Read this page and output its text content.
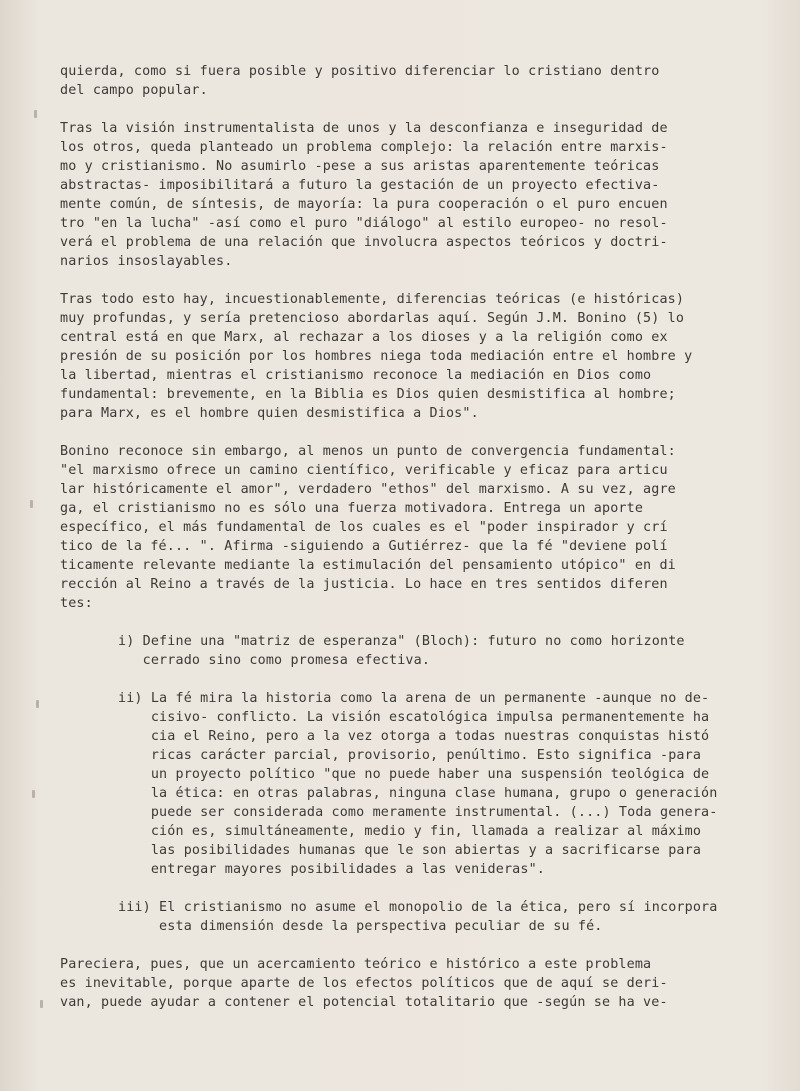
quierda, como si fuera posible y positivo diferenciar lo cristiano dentro
del campo popular.
Tras la visión instrumentalista de unos y la desconfianza e inseguridad de
los otros, queda planteado un problema complejo: la relación entre marxis-
mo y cristianismo. No asumirlo -pese a sus aristas aparentemente teóricas
abstractas- imposibilitará a futuro la gestación de un proyecto efectiva-
mente común, de síntesis, de mayoría: la pura cooperación o el puro encuen
tro "en la lucha" -así como el puro "diálogo" al estilo europeo- no resol-
verá el problema de una relación que involucra aspectos teóricos y doctri-
narios insoslayables.
Tras todo esto hay, incuestionablemente, diferencias teóricas (e históricas)
muy profundas, y sería pretencioso abordarlas aquí. Según J.M. Bonino (5) lo
central está en que Marx, al rechazar a los dioses y a la religión como ex
presión de su posición por los hombres niega toda mediación entre el hombre y
la libertad, mientras el cristianismo reconoce la mediación en Dios como
fundamental: brevemente, en la Biblia es Dios quien desmistifica al hombre;
para Marx, es el hombre quien desmistifica a Dios".
Bonino reconoce sin embargo, al menos un punto de convergencia fundamental:
"el marxismo ofrece un camino científico, verificable y eficaz para articu
lar históricamente el amor", verdadero "ethos" del marxismo. A su vez, agre
ga, el cristianismo no es sólo una fuerza motivadora. Entrega un aporte
específico, el más fundamental de los cuales es el "poder inspirador y crí
tico de la fé... ". Afirma -siguiendo a Gutiérrez- que la fé "deviene polí
ticamente relevante mediante la estimulación del pensamiento utópico" en di
rección al Reino a través de la justicia. Lo hace en tres sentidos diferen
tes:
i) Define una "matriz de esperanza" (Bloch): futuro no como horizonte
cerrado sino como promesa efectiva.
ii) La fé mira la historia como la arena de un permanente -aunque no de-
cisivo- conflicto. La visión escatológica impulsa permanentemente ha
cia el Reino, pero a la vez otorga a todas nuestras conquistas histó
ricas carácter parcial, provisorio, penúltimo. Esto significa -para
un proyecto político "que no puede haber una suspensión teológica de
la ética: en otras palabras, ninguna clase humana, grupo o generación
puede ser considerada como meramente instrumental. (...) Toda genera-
ción es, simultáneamente, medio y fin, llamada a realizar al máximo
las posibilidades humanas que le son abiertas y a sacrificarse para
entregar mayores posibilidades a las venideras".
iii) El cristianismo no asume el monopolio de la ética, pero sí incorpora
esta dimensión desde la perspectiva peculiar de su fé.
Pareciera, pues, que un acercamiento teórico e histórico a este problema
es inevitable, porque aparte de los efectos políticos que de aquí se deri-
van, puede ayudar a contener el potencial totalitario que -según se ha ve-
